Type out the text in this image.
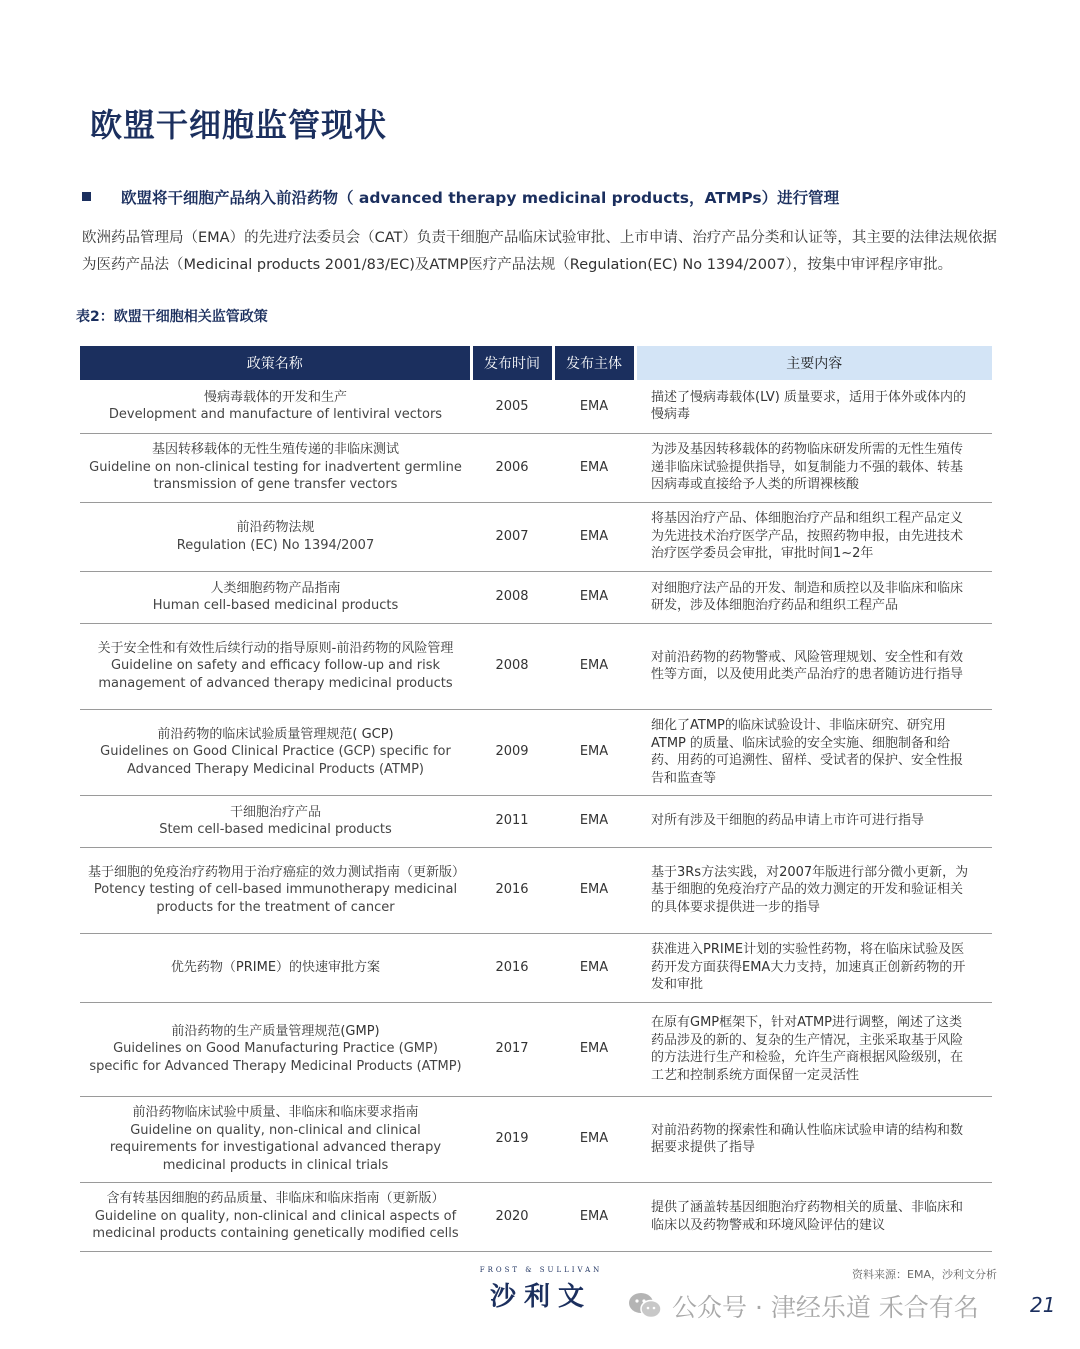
欧盟干细胞监管现状
欧盟将干细胞产品纳入前沿药物（ advanced therapy medicinal products，ATMPs）进行管理
欧洲药品管理局（EMA）的先进疗法委员会（CAT）负责干细胞产品临床试验审批、上市申请、治疗产品分类和认证等，其主要的法律法规依据为医药产品法（Medicinal products 2001/83/EC)及ATMP医疗产品法规（Regulation(EC) No 1394/2007），按集中审评程序审批。
表2：欧盟干细胞相关监管政策
政策名称	发布时间	发布主体	主要内容

慢病毒载体的开发和生产
Development and manufacture of lentiviral vectors	2005	EMA	描述了慢病毒载体(LV) 质量要求，适用于体外或体内的慢病毒

基因转移载体的无性生殖传递的非临床测试
Guideline on non-clinical testing for inadvertent germline transmission of gene transfer vectors	2006	EMA	为涉及基因转移载体的药物临床研发所需的无性生殖传递非临床试验提供指导，如复制能力不强的载体、转基因病毒或直接给予人类的所谓裸核酸

前沿药物法规
Regulation (EC) No 1394/2007	2007	EMA	将基因治疗产品、体细胞治疗产品和组织工程产品定义为先进技术治疗医学产品，按照药物申报，由先进技术治疗医学委员会审批，审批时间1~2年

人类细胞药物产品指南
Human cell-based medicinal products	2008	EMA	对细胞疗法产品的开发、制造和质控以及非临床和临床研发，涉及体细胞治疗药品和组织工程产品

关于安全性和有效性后续行动的指导原则-前沿药物的风险管理
Guideline on safety and efficacy follow-up and risk management of advanced therapy medicinal products	2008	EMA	对前沿药物的药物警戒、风险管理规划、安全性和有效性等方面，以及使用此类产品治疗的患者随访进行指导

前沿药物的临床试验质量管理规范( GCP)
Guidelines on Good Clinical Practice (GCP) specific for Advanced Therapy Medicinal Products (ATMP)	2009	EMA	细化了ATMP的临床试验设计、非临床研究、研究用 ATMP 的质量、临床试验的安全实施、细胞制备和给药、用药的可追溯性、留样、受试者的保护、安全性报告和监查等

干细胞治疗产品
Stem cell-based medicinal products	2011	EMA	对所有涉及干细胞的药品申请上市许可进行指导

基于细胞的免疫治疗药物用于治疗癌症的效力测试指南（更新版）
Potency testing of cell-based immunotherapy medicinal products for the treatment of cancer	2016	EMA	基于3Rs方法实践，对2007年版进行部分微小更新，为基于细胞的免疫治疗产品的效力测定的开发和验证相关的具体要求提供进一步的指导

优先药物（PRIME）的快速审批方案	2016	EMA	获准进入PRIME计划的实验性药物，将在临床试验及医药开发方面获得EMA大力支持，加速真正创新药物的开发和审批

前沿药物的生产质量管理规范(GMP)
Guidelines on Good Manufacturing Practice (GMP) specific for Advanced Therapy Medicinal Products (ATMP)	2017	EMA	在原有GMP框架下，针对ATMP进行调整，阐述了这类药品涉及的新的、复杂的生产情况，主张采取基于风险的方法进行生产和检验，允许生产商根据风险级别，在工艺和控制系统方面保留一定灵活性

前沿药物临床试验中质量、非临床和临床要求指南
Guideline on quality, non-clinical and clinical requirements for investigational advanced therapy medicinal products in clinical trials	2019	EMA	对前沿药物的探索性和确认性临床试验申请的结构和数据要求提供了指导

含有转基因细胞的药品质量、非临床和临床指南（更新版）
Guideline on quality, non-clinical and clinical aspects of medicinal products containing genetically modified cells	2020	EMA	提供了涵盖转基因细胞治疗药物相关的质量、非临床和临床以及药物警戒和环境风险评估的建议
FROST & SULLIVAN
沙利文
资料来源：EMA，沙利文分析
公众号 · 津经乐道 禾合有名	21
